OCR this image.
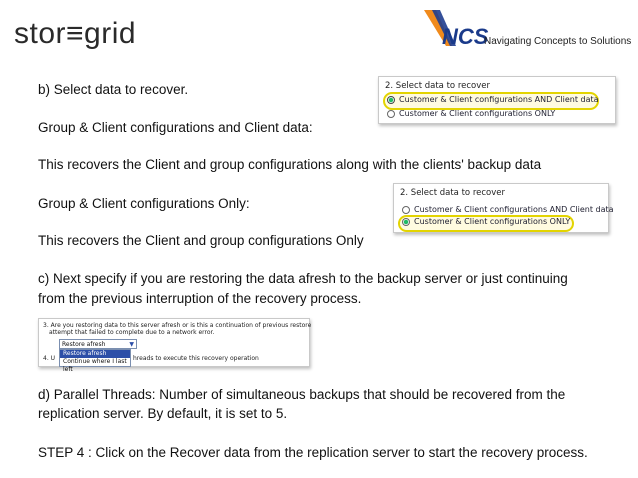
stor≡grid	NCS
Navigating Concepts to Solutions
b) Select data to recover.
Group & Client configurations and Client data:
This recovers the Client and group configurations along with the clients' backup data
Group & Client configurations Only:
This recovers the Client and group configurations Only
c) Next specify if you are restoring the data afresh to the backup server or just continuing
from the previous interruption of the recovery process.
d) Parallel Threads: Number of simultaneous backups that should be recovered from the
replication server. By default, it is set to 5.
STEP 4 : Click on the Recover data from the replication server to start the recovery process.
2. Select data to recover
Customer & Client configurations AND Client data
Customer & Client configurations ONLY
2. Select data to recover
Customer & Client configurations AND Client data
Customer & Client configurations ONLY
3. Are you restoring data to this server afresh or is this a continuation of previous restore
attempt that failed to complete due to a network error.
Restore afresh	▼
Restore afresh
Continue where I last left
4. U	hreads to execute this recovery operation
